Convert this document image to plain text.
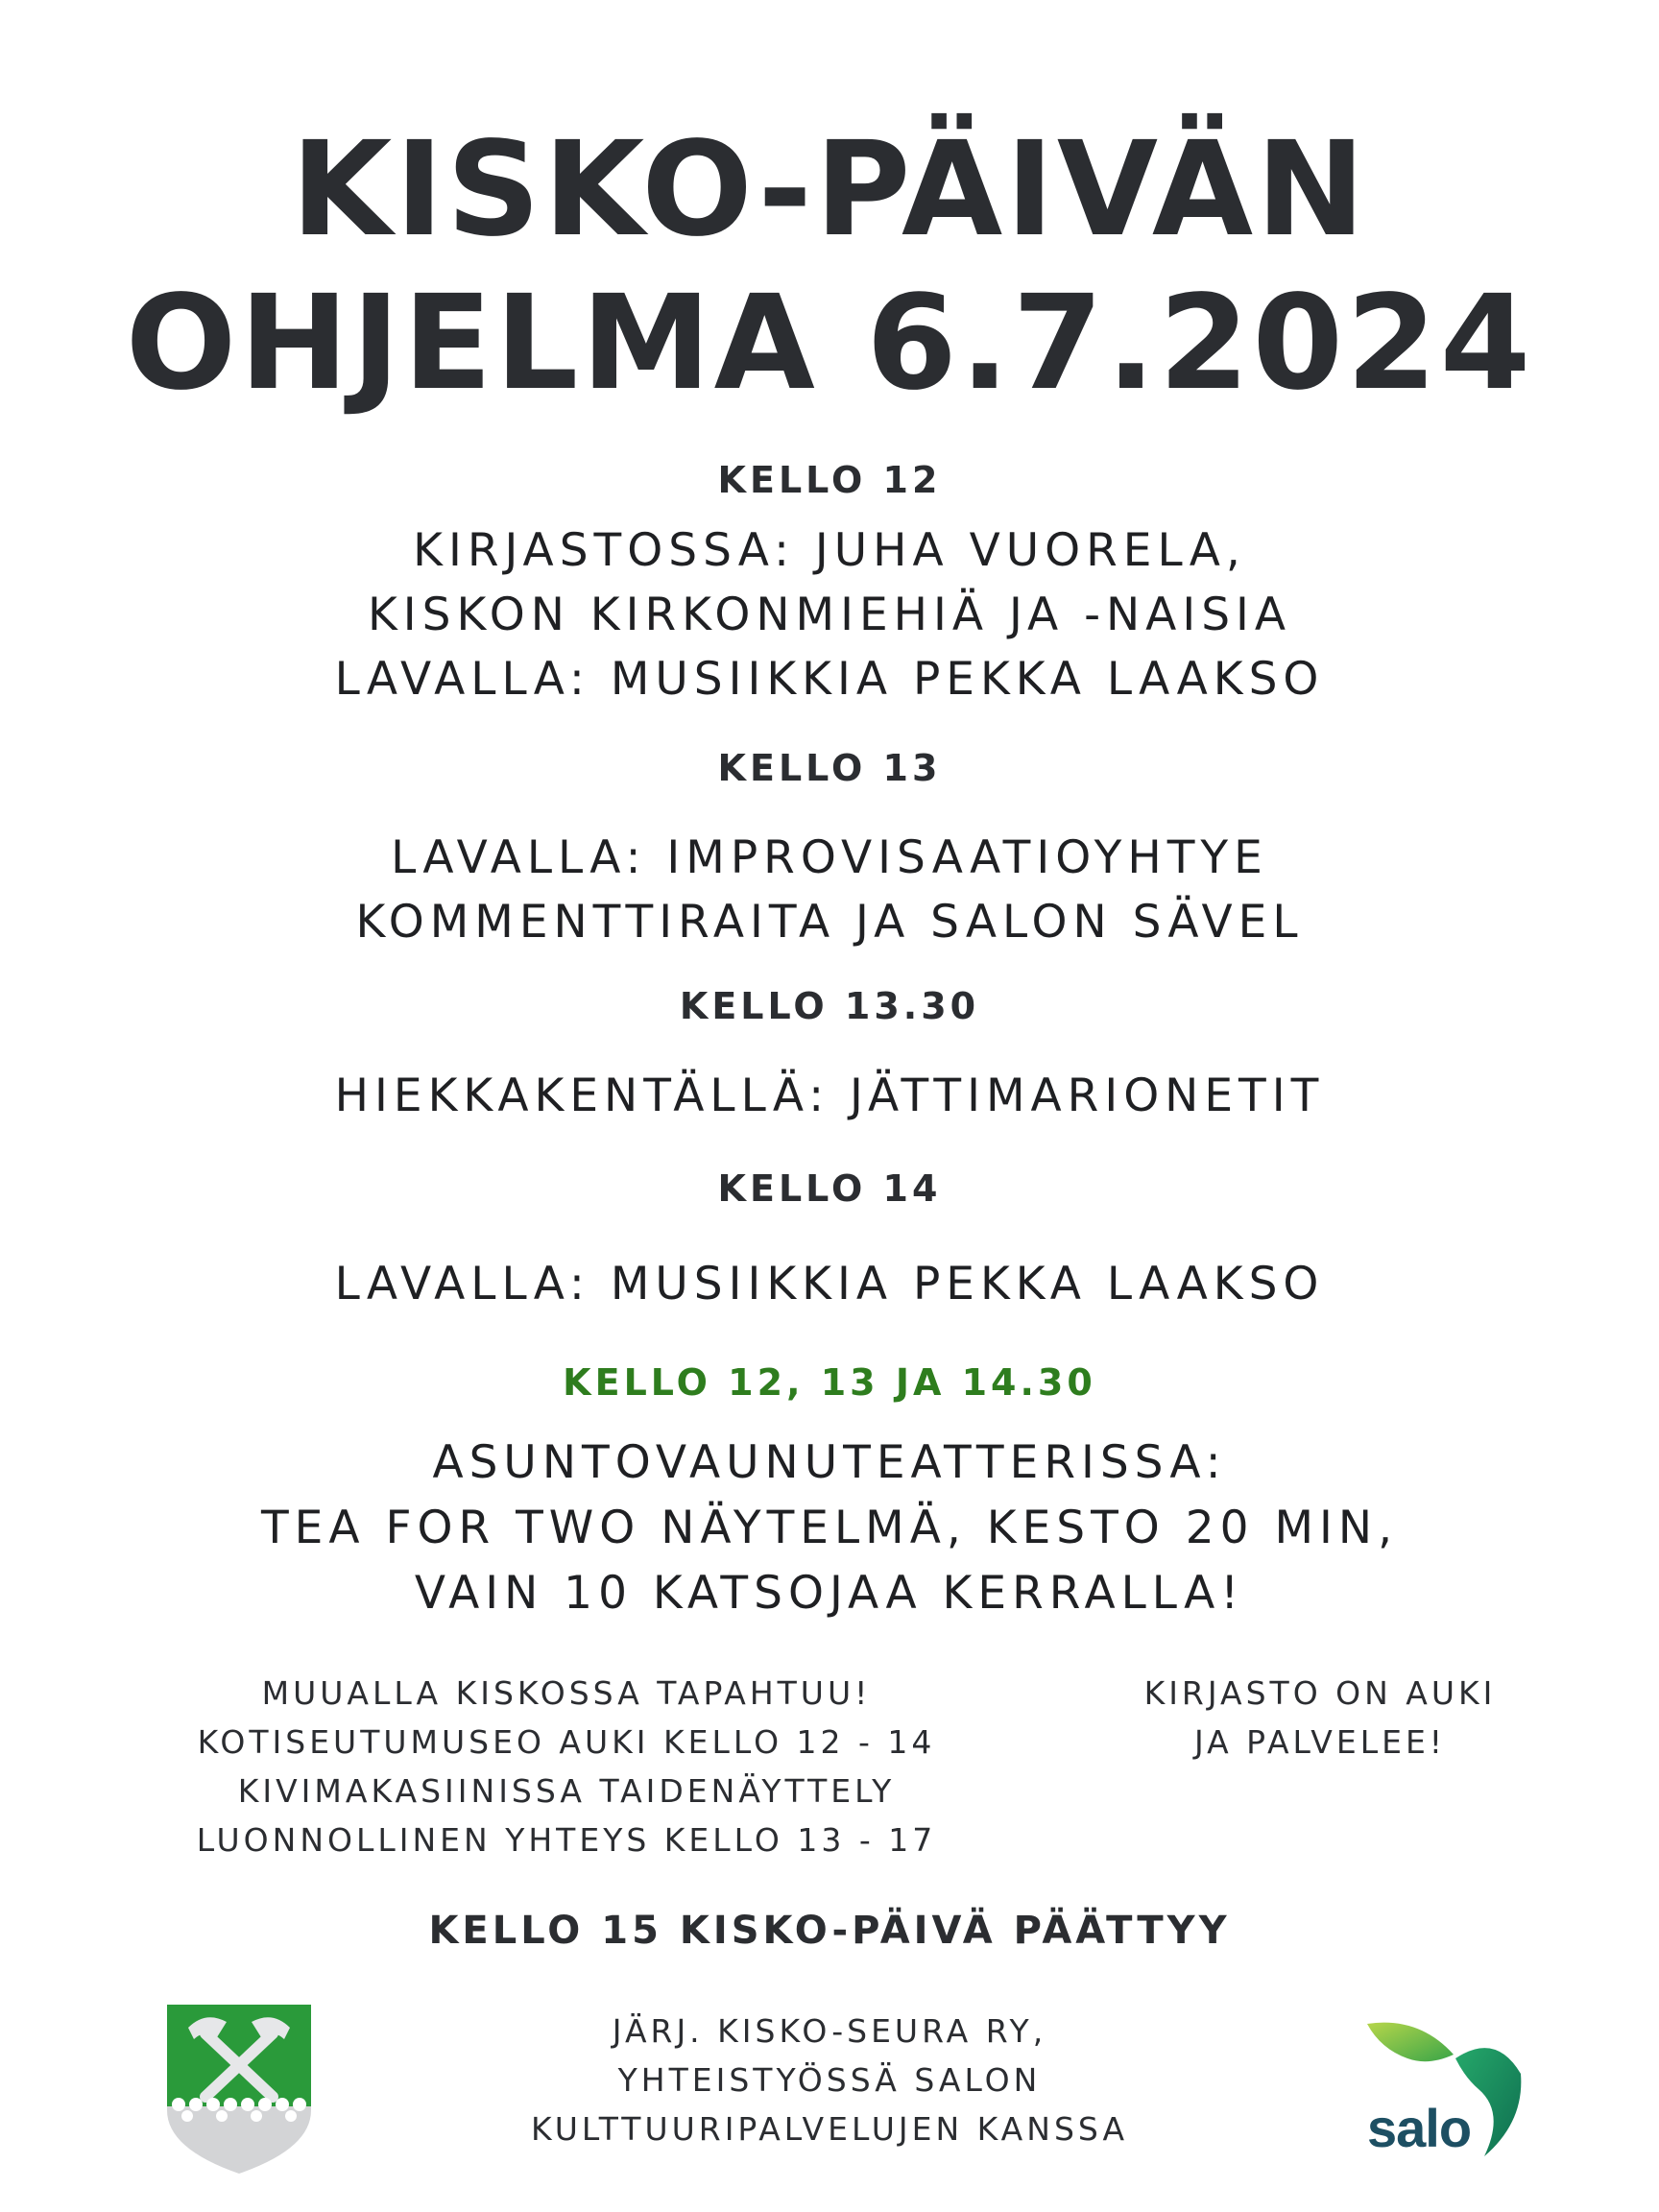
KISKO-PÄIVÄN
OHJELMA 6.7.2024
KELLO 12
KIRJASTOSSA: JUHA VUORELA,
KISKON KIRKONMIEHIÄ JA -NAISIA
LAVALLA: MUSIIKKIA PEKKA LAAKSO
KELLO 13
LAVALLA: IMPROVISAATIOYHTYE
KOMMENTTIRAITA JA SALON SÄVEL
KELLO 13.30
HIEKKAKENTÄLLÄ: JÄTTIMARIONETIT
KELLO 14
LAVALLA: MUSIIKKIA PEKKA LAAKSO
KELLO 12, 13 JA 14.30
ASUNTOVAUNUTEATTERISSA:
TEA FOR TWO NÄYTELMÄ, KESTO 20 MIN,
VAIN 10 KATSOJAA KERRALLA!
MUUALLA KISKOSSA TAPAHTUU!
KOTISEUTUMUSEO AUKI KELLO 12 - 14
KIVIMAKASIINISSA TAIDENÄYTTELY
LUONNOLLINEN YHTEYS KELLO 13 - 17
KIRJASTO ON AUKI
JA PALVELEE!
KELLO 15 KISKO-PÄIVÄ PÄÄTTYY
JÄRJ. KISKO-SEURA RY,
YHTEISTYÖSSÄ SALON
KULTTUURIPALVELUJEN KANSSA	salo
